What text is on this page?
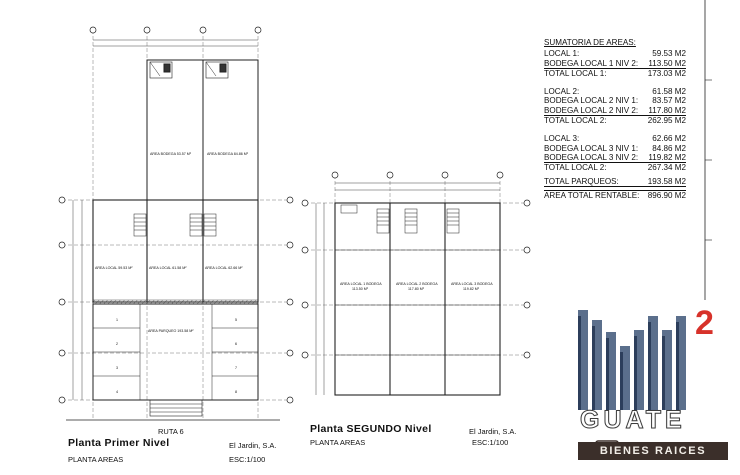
AREA BODEGA 53.57 M²	AREA BODEGA 84.86 M²
AREA LOCAL 59.53 M²	AREA LOCAL 61.58 M²	AREA LOCAL 62.66 M²
AREA PARQUEO 193.58 M²
1
2
3
4
5
6
7
8
RUTA 6
Planta Primer Nivel	El Jardin, S.A.
PLANTA AREAS	ESC:1/100
AREA LOCAL 1 BODEGA
113.50 M²
AREA LOCAL 2 BODEGA
117.80 M²
AREA LOCAL 3 BODEGA
119.82 M²
Planta SEGUNDO Nivel	El Jardin, S.A.
PLANTA AREAS	ESC:1/100
SUMATORIA DE AREAS:
LOCAL 1:	59.53 M2
BODEGA LOCAL 1 NIV 2: 113.50 M2
TOTAL LOCAL 1:	173.03 M2
LOCAL 2:	61.58 M2
BODEGA LOCAL 2 NIV 1: 83.57 M2
BODEGA LOCAL 2 NIV 2: 117.80 M2
TOTAL LOCAL 2:	262.95 M2
LOCAL 3:	62.66 M2
BODEGA LOCAL 3 NIV 1: 84.86 M2
BODEGA LOCAL 3 NIV 2: 119.82 M2
TOTAL LOCAL 2:	267.34 M2
TOTAL PARQUEOS:	193.58 M2
AREA TOTAL RENTABLE: 896.90 M2
2
GUATE
BIENES RAICES
